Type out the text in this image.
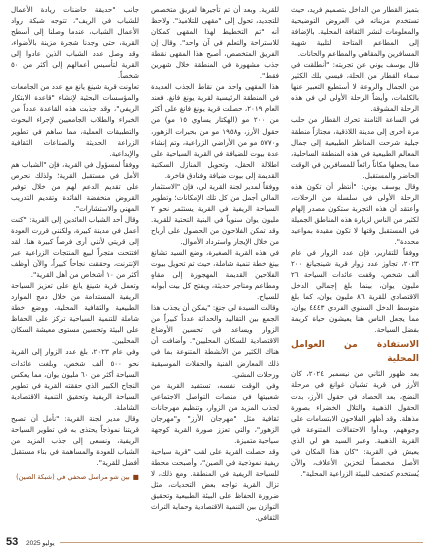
بتميز القطار من الداخل بتصميم فريد، حيث تستخدم مزيناته في العروض التوضيحية والمعلومات لنشر الثقافة المحلية. بالإضافة إلى المطاعم المتاحة لتلبية شهية المسافرين والمقاهي والمطاعم والحانات.

قال يوسف يوني عن تجربته: "أنطلقت في سماء القطار من الحلة، فيسي بلك الكثير من الجمال والروعة لا أستطيع التعبير عنها بالكلمات، وأيضاً الرحلة الأولى لي في هذه الرحلة المشوقة.

في الساعة الثامنة تحرك القطار من حلب مرة أخرى إلى مدينة اللاذقية، مجتازاً منطقة جبلية شرحت المناظر الطبيعية إلى جمال المعالم الطبيعية في هذه المنطقة الساحلية، مما يجعلها مكاناً رائعاً للمسافرين في الوقت الحاضر والمستقبل.

وقال يوسف يوني: "أنتظر أن تكون هذه الرحلة الأولى في سلسلة من الرحلات، وأعتقد أن هذه التجربة ستكون مصدر إلهام لكثير من الناس لزيارة هذه المناطق الجميلة في المستقبل وقتها لا تكون مقيدة بمواعيد محددة".

ووفقاً للتقارير، فإن عدد الزوار في عام ٢٠٢٣، تجاوز عدد زوار قرية شينجيانغ ٢٠٠ ألف شخص، وقفت عائدات السياحة ٢٦ مليون يوان، بينما بلغ إجمالي الدخل الاقتصادي للقرية ٨٦ مليون يوان، كما بلغ متوسط الدخل السنوي الفردي ٤٤٤٣ يوان، مما يجعل الناس هنا يعيشون حياة كريمة بفضل السياحة.

الاستفادة من العوامل المحلية

بعد ظهور الثاني من نيسمبر ٢٠٢٤، كان الأرز في قرية تشيان غوانغ في مرحلة النضج، بعد الحصاد في حقول الأرز، بدت الحقول الذهبية والتلال الخضراء بصورة مذهلة. وقد أظهر الفلاحون الابتسامات على وجوههم، وبدأوا الاحتفالات المتنوعة في القرية الذهبية. وعبر السيد هو لي الذي يعيش في القرية: "كان هذا المكان في الأصل مخصصاً لتخزين الأعلاف، والآن يُستخدم كمتحف للبيئة الزراعية المحلية".

للقرية. وبعد أن تم تأجيرها لفريق متخصص للتجديد، تحول إلى "مقهى للتلاميذ". ولاحظ أنه "تم التخطيط لهذا المقهى كمكان للاستراحة والتعلم في آن واحد". وقال إن الفريق المتخصص، أصبح هذا المقهى نقطة جذب مشهورة في المنطقة خلال شهرين فقط".

هذا المقهى واحد من نقاط الجذب العديدة في المنطقة الرئيسية لقرية يونغ فانغ. فعند العام ٢٠١٩، حصلت قرية يونغ فانغ على أكثر من ٢٠٠ مو (الهكتار يساوي ١٥ مو) من حقول الأرز، و١٩٥٨ مو من بحيرات الزهور، و٥٧٧٠ مو من الأراضي الزراعية، وتم إنشاء عدة بيوت للضيافة في القرية السياحية على اطلالة الحقل، وتحويل المنازل السكنية القديمة إلى بيوت ضيافة وفنادق فاخرة.

ووفقاً لمدير لجنة القرية لي، فإن "الاستثمار المالي أجمل من كل تلك الإمكانات؛ وتطوير السياحة الريفية في القرية يستثمر نحو ٢ مليون يوان سنوياً في البنية التحتية للقرية. وقد تمكن الفلاحون من الحصول على أرباح من خلال الإيجار واسترداد الأموال.

في هذه القرية الصغيرة، وضع السيد تشانغ بينغ خطة تنمية شاملة، حيث تم تحويل بيوت الفلاحين القديمة المهجورة إلى مقاهٍ ومطاعم ومتاجر حديثة، ويفتح كل بيت أبوابه للسياح.

وقالت السيدة لي جنغ: "يمكن أن يجذب هذا الجمع بين التقاليد والحداثة عدداً كبيراً من الزوار ويساعد في تحسين الأوضاع الاقتصادية للسكان المحليين". وأضافت أن هناك الكثير من الأنشطة المتنوعة بما في ذلك المعارض الفنية والحفلات الموسيقية ورحلات المشي.

وفي الوقت نفسه، تستفيد القرية من شعبيتها في منصات التواصل الاجتماعي لجذب المزيد من الزوار، وتنظيم مهرجانات ثقافية مثل "مهرجان الأرز" و"مهرجان الزهور"، والتي تعزز صورة القرية كوجهة سياحية متميزة.

وقد حصلت القرية على لقب "قرية سياحية ريفية نموذجية في الصين"، وأصبحت محطة للسياحة الريفية في المنطقة. ومع ذلك، لا تزال القرية تواجه بعض التحديات، مثل ضرورة الحفاظ على البيئة الطبيعية وتحقيق التوازن بين التنمية الاقتصادية وحماية التراث الثقافي.

جانب "حديقة حاضنات ريادة الأعمال للشباب في الريف"، تتوجه شبكة رواد الأعمال الشباب، عندما وصلنا إلى أسطح القرية، حتى وجدنا شجرة مزينة بالأضواء، وقد وصل عدد الشباب الذين عادوا إلى القرية لتأسيس أعمالهم إلى أكثر من ٥٠ شخصاً.

تعاونت قرية شينغ يانغ مع عدد من الجامعات والمؤسسات البحثية لإنشاء "قاعدة الابتكار الريفي"، وقد جذبت هذه القاعدة عدداً من الخبراء والطلاب الجامعيين لإجراء البحوث والتطبيقات العملية، مما ساهم في تطوير الزراعة الحديثة والصناعات الثقافية والإبداعية.

ووفقاً لمسؤول في القرية، فإن "الشباب هم الأمل في مستقبل القرية؛ ولذلك نحرص على تقديم الدعم لهم من خلال توفير القروض منخفضة الفائدة وتقديم التدريب المهني والاستشارات".

وقال أحد الشباب العائدين إلى القرية: "كنت أعمل في مدينة كبيرة، ولكنني قررت العودة إلى قريتي لأنني أرى فرصاً كبيرة هنا. لقد افتتحت متجراً لبيع المنتجات الزراعية عبر الإنترنت، وحققت نجاحاً كبيراً، والآن أوظف أكثر من ١٠ أشخاص من أهل القرية".

وتعمل قرية شينغ يانغ على تعزيز السياحة الريفية المستدامة من خلال دمج الموارد الطبيعية والثقافية المحلية، ووضع خطة شاملة للتنمية السياحية تركز على الحفاظ على البيئة وتحسين مستوى معيشة السكان المحليين.

وفي عام ٢٠٢٣، بلغ عدد الزوار إلى القرية نحو ٥٠٠ ألف شخص، وبلغت عائدات السياحة أكثر من ٦٠ مليون يوان، مما يعكس النجاح الكبير الذي حققته القرية في تطوير السياحة الريفية وتحقيق التنمية الاقتصادية الشاملة.

وقال مدير لجنة القرية: "نأمل أن تصبح قريتنا نموذجاً يحتذى به في تطوير السياحة الريفية، ونسعى إلى جذب المزيد من الشباب للعودة والمساهمة في بناء مستقبل أفضل للقرية".

■بين شو مراسل صحفي في (شبكة الصين)
53 يوليو 2025
